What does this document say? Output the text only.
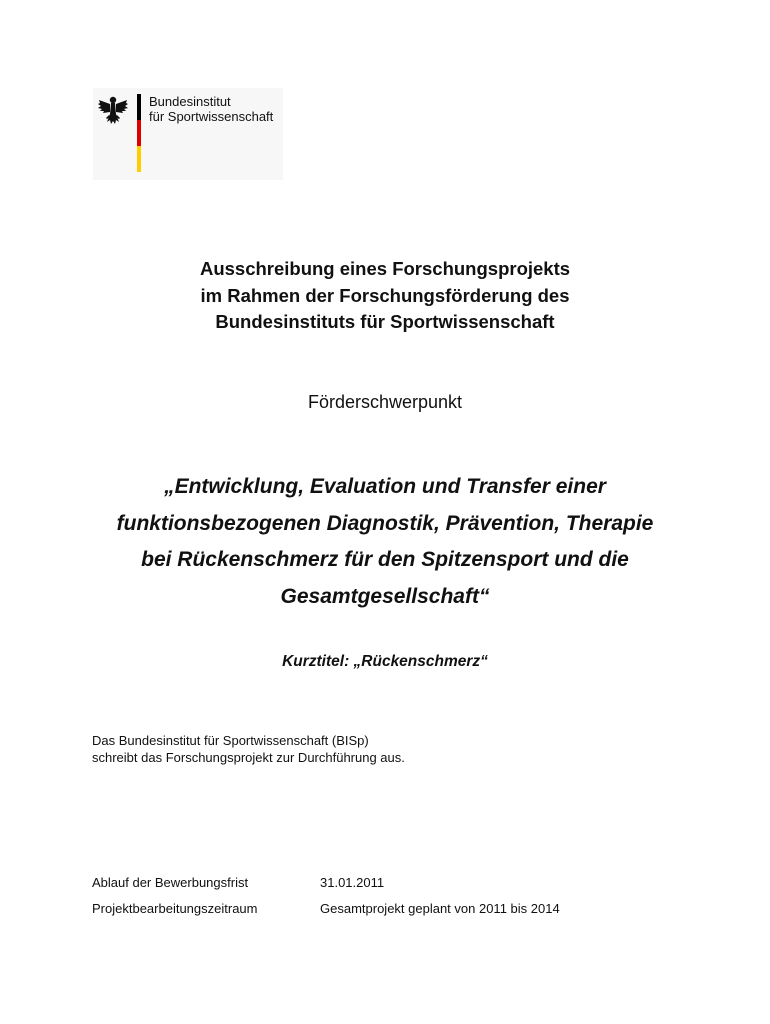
Bundesinstitut
für Sportwissenschaft
Ausschreibung eines Forschungsprojekts
im Rahmen der Forschungsförderung des
Bundesinstituts für Sportwissenschaft
Förderschwerpunkt
„Entwicklung, Evaluation und Transfer einer
funktionsbezogenen Diagnostik, Prävention, Therapie
bei Rückenschmerz für den Spitzensport und die
Gesamtgesellschaft“
Kurztitel: „Rückenschmerz“
Das Bundesinstitut für Sportwissenschaft (BISp)
schreibt das Forschungsprojekt zur Durchführung aus.
Ablauf der Bewerbungsfrist	31.01.2011
Projektbearbeitungszeitraum	Gesamtprojekt geplant von 2011 bis 2014
